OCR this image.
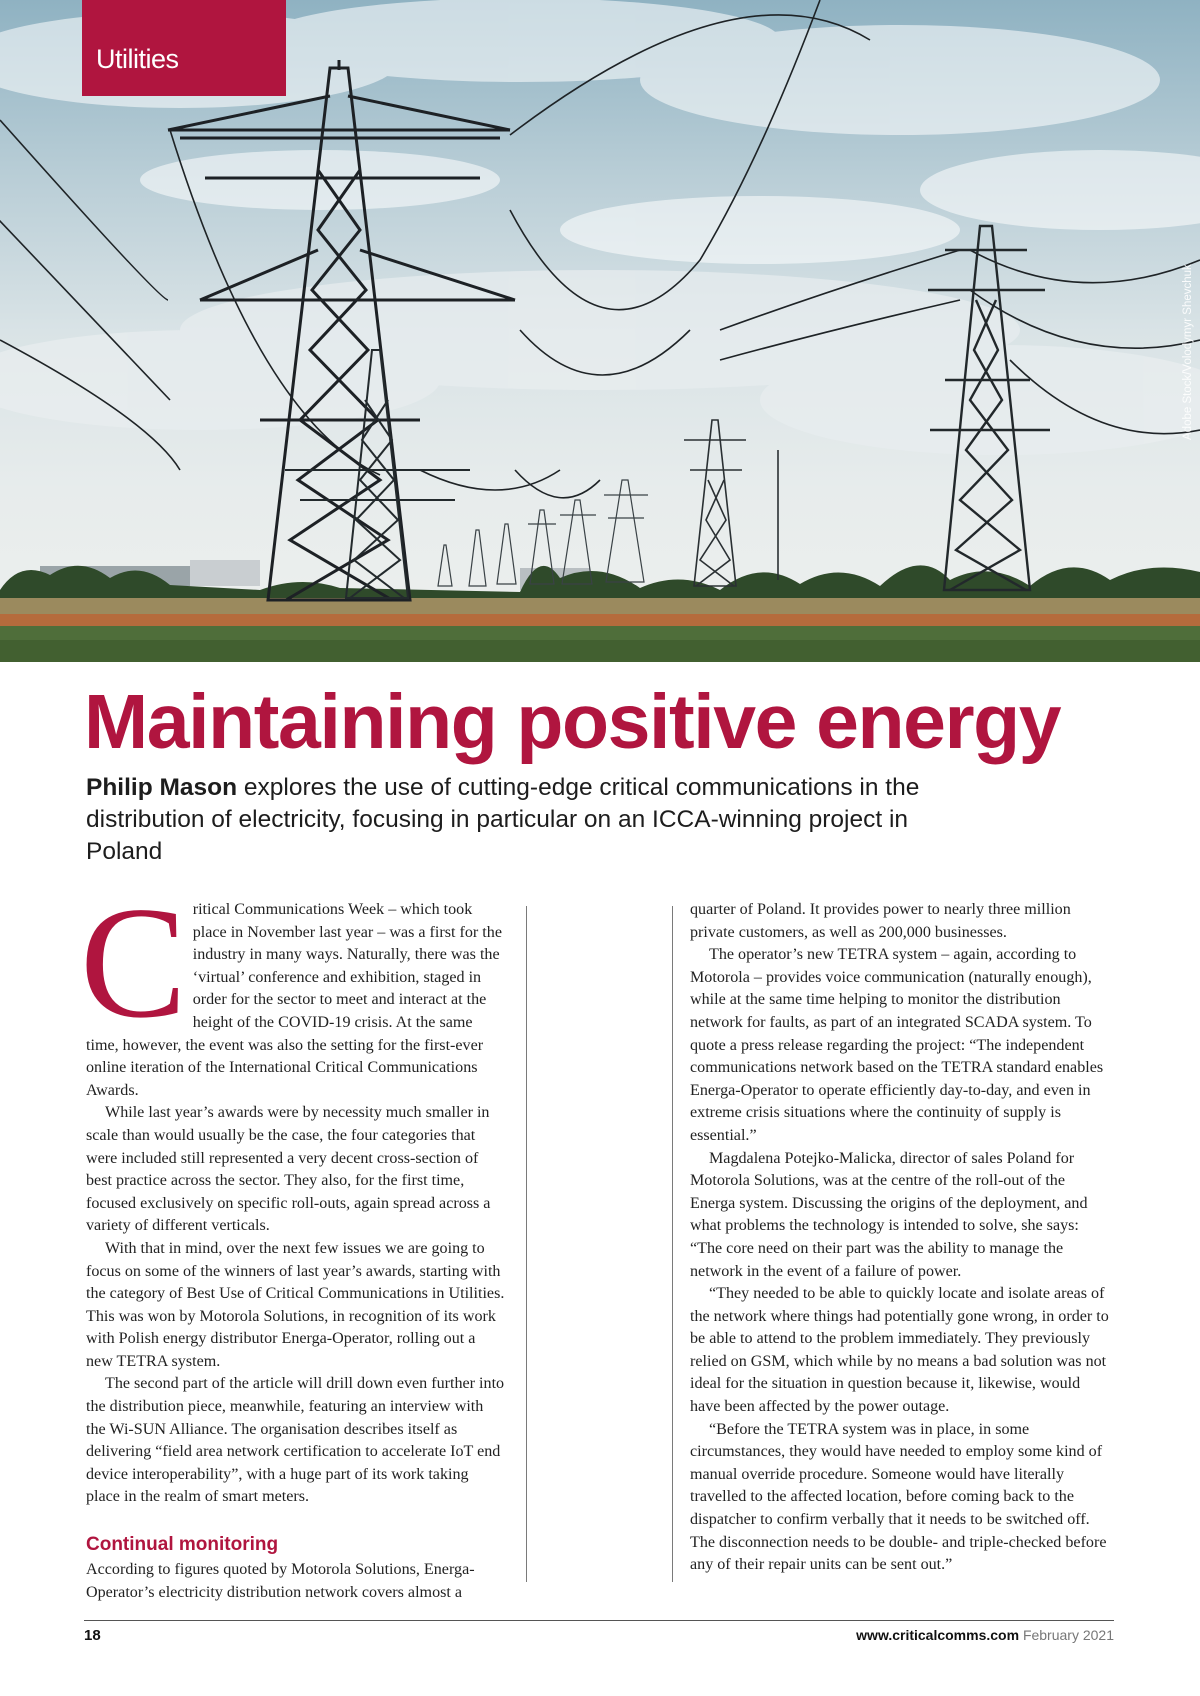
Utilities
Adobe Stock/Volodymyr Shevchuk
Maintaining positive energy

Philip Mason explores the use of cutting-edge critical communications in the distribution of electricity, focusing in particular on an ICCA-winning project in Poland

Critical Communications Week – which took place in November last year – was a first for the industry in many ways. Naturally, there was the ‘virtual’ conference and exhibition, staged in order for the sector to meet and interact at the height of the COVID-19 crisis. At the same time, however, the event was also the setting for the first-ever online iteration of the International Critical Communications Awards.

While last year’s awards were by necessity much smaller in scale than would usually be the case, the four categories that were included still represented a very decent cross-section of best practice across the sector. They also, for the first time, focused exclusively on specific roll-outs, again spread across a variety of different verticals.

With that in mind, over the next few issues we are going to focus on some of the winners of last year’s awards, starting with the category of Best Use of Critical Communications in Utilities. This was won by Motorola Solutions, in recognition of its work with Polish energy distributor Energa-Operator, rolling out a new TETRA system.

The second part of the article will drill down even further into the distribution piece, meanwhile, featuring an interview with the Wi-SUN Alliance. The organisation describes itself as delivering “field area network certification to accelerate IoT end device interoperability”, with a huge part of its work taking place in the realm of smart meters.

Continual monitoring

According to figures quoted by Motorola Solutions, Energa-Operator’s electricity distribution network covers almost a

quarter of Poland. It provides power to nearly three million private customers, as well as 200,000 businesses.

The operator’s new TETRA system – again, according to Motorola – provides voice communication (naturally enough), while at the same time helping to monitor the distribution network for faults, as part of an integrated SCADA system. To quote a press release regarding the project: “The independent communications network based on the TETRA standard enables Energa-Operator to operate efficiently day-to-day, and even in extreme crisis situations where the continuity of supply is essential.”

Magdalena Potejko-Malicka, director of sales Poland for Motorola Solutions, was at the centre of the roll-out of the Energa system. Discussing the origins of the deployment, and what problems the technology is intended to solve, she says: “The core need on their part was the ability to manage the network in the event of a failure of power.

“They needed to be able to quickly locate and isolate areas of the network where things had potentially gone wrong, in order to be able to attend to the problem immediately. They previously relied on GSM, which while by no means a bad solution was not ideal for the situation in question because it, likewise, would have been affected by the power outage.

“Before the TETRA system was in place, in some circumstances, they would have needed to employ some kind of manual override procedure. Someone would have literally travelled to the affected location, before coming back to the dispatcher to confirm verbally that it needs to be switched off. The disconnection needs to be double- and triple-checked before any of their repair units can be sent out.”

18	www.criticalcomms.com February 2021
